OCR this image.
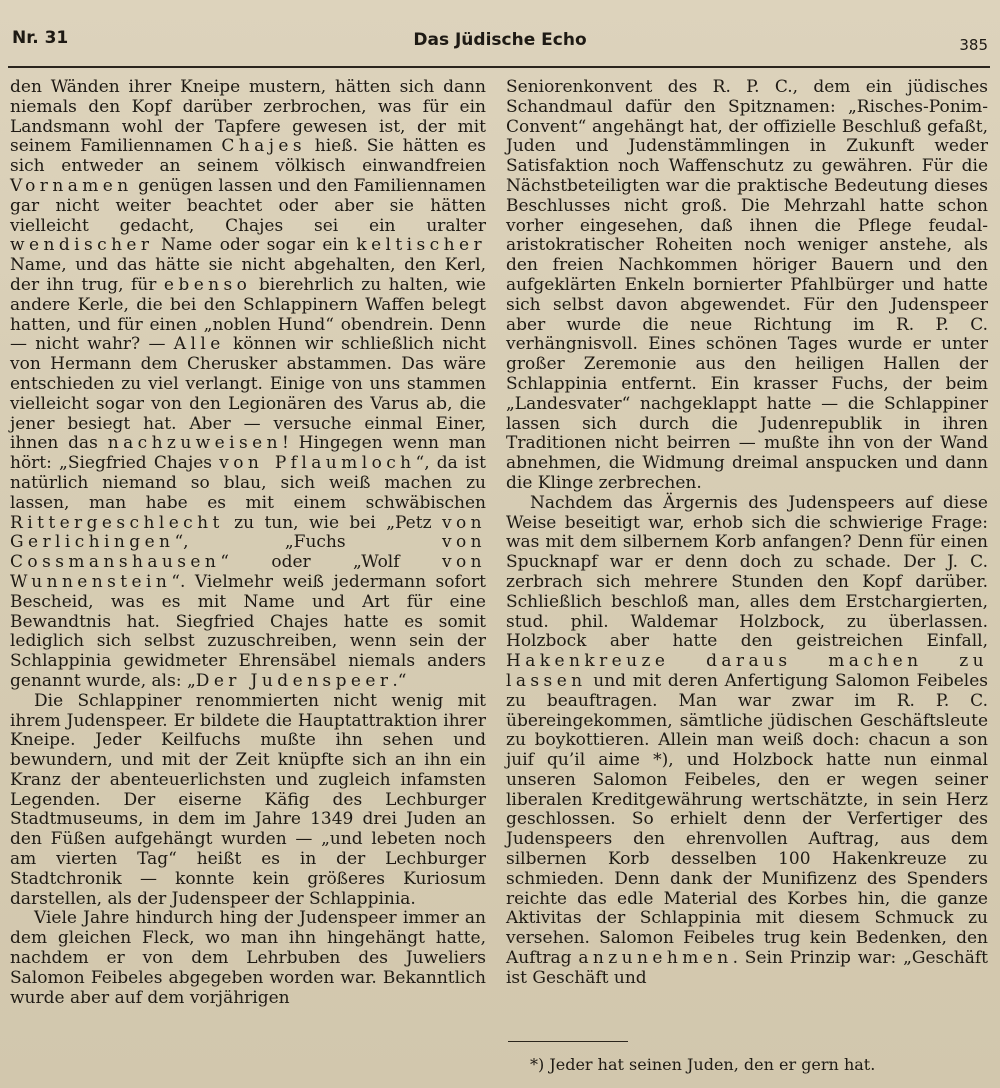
Nr. 31	Das Jüdische Echo	385

den Wänden ihrer Kneipe mustern, hätten sich dann niemals den Kopf darüber zerbrochen, was für ein Landsmann wohl der Tapfere gewesen ist, der mit seinem Familiennamen Chajes hieß. Sie hätten es sich entweder an seinem völkisch einwandfreien Vornamen genügen lassen und den Familiennamen gar nicht weiter beachtet oder aber sie hätten vielleicht gedacht, Chajes sei ein uralter wendischer Name oder sogar ein keltischer Name, und das hätte sie nicht abgehalten, den Kerl, der ihn trug, für ebenso bierehrlich zu halten, wie andere Kerle, die bei den Schlappinern Waffen belegt hatten, und für einen „noblen Hund“ obendrein. Denn — nicht wahr? — Alle können wir schließlich nicht von Hermann dem Cherusker abstammen. Das wäre entschieden zu viel verlangt. Einige von uns stammen vielleicht sogar von den Legionären des Varus ab, die jener besiegt hat. Aber — versuche einmal Einer, ihnen das nachzuweisen! Hingegen wenn man hört: „Siegfried Chajes von Pflaumloch“, da ist natürlich niemand so blau, sich weiß machen zu lassen, man habe es mit einem schwäbischen Rittergeschlecht zu tun, wie bei „Petz von Gerlichingen“, „Fuchs von Cossmanshausen“ oder „Wolf von Wunnenstein“. Vielmehr weiß jedermann sofort Bescheid, was es mit Name und Art für eine Bewandtnis hat. Siegfried Chajes hatte es somit lediglich sich selbst zuzuschreiben, wenn sein der Schlappinia gewidmeter Ehrensäbel niemals anders genannt wurde, als: „Der Judenspeer.“

Die Schlappiner renommierten nicht wenig mit ihrem Judenspeer. Er bildete die Hauptattraktion ihrer Kneipe. Jeder Keilfuchs mußte ihn sehen und bewundern, und mit der Zeit knüpfte sich an ihn ein Kranz der abenteuerlichsten und zugleich infamsten Legenden. Der eiserne Käfig des Lechburger Stadtmuseums, in dem im Jahre 1349 drei Juden an den Füßen aufgehängt wurden — „und lebeten noch am vierten Tag“ heißt es in der Lechburger Stadtchronik — konnte kein größeres Kuriosum darstellen, als der Judenspeer der Schlappinia.

Viele Jahre hindurch hing der Judenspeer immer an dem gleichen Fleck, wo man ihn hingehängt hatte, nachdem er von dem Lehrbuben des Juweliers Salomon Feibeles abgegeben worden war. Bekanntlich wurde aber auf dem vorjährigen

Seniorenkonvent des R. P. C., dem ein jüdisches Schandmaul dafür den Spitznamen: „Risches-Ponim-Convent“ angehängt hat, der offizielle Beschluß gefaßt, Juden und Judenstämmlingen in Zukunft weder Satisfaktion noch Waffenschutz zu gewähren. Für die Nächstbeteiligten war die praktische Bedeutung dieses Beschlusses nicht groß. Die Mehrzahl hatte schon vorher eingesehen, daß ihnen die Pflege feudal-aristokratischer Roheiten noch weniger anstehe, als den freien Nachkommen höriger Bauern und den aufgeklärten Enkeln bornierter Pfahlbürger und hatte sich selbst davon abgewendet. Für den Judenspeer aber wurde die neue Richtung im R. P. C. verhängnisvoll. Eines schönen Tages wurde er unter großer Zeremonie aus den heiligen Hallen der Schlappinia entfernt. Ein krasser Fuchs, der beim „Landesvater“ nachgeklappt hatte — die Schlappiner lassen sich durch die Judenrepublik in ihren Traditionen nicht beirren — mußte ihn von der Wand abnehmen, die Widmung dreimal anspucken und dann die Klinge zerbrechen.

Nachdem das Ärgernis des Judenspeers auf diese Weise beseitigt war, erhob sich die schwierige Frage: was mit dem silbernem Korb anfangen? Denn für einen Spucknapf war er denn doch zu schade. Der J. C. zerbrach sich mehrere Stunden den Kopf darüber. Schließlich beschloß man, alles dem Erstchargierten, stud. phil. Waldemar Holzbock, zu überlassen. Holzbock aber hatte den geistreichen Einfall, Hakenkreuze daraus machen zu lassen und mit deren Anfertigung Salomon Feibeles zu beauftragen. Man war zwar im R. P. C. übereingekommen, sämtliche jüdischen Geschäftsleute zu boykottieren. Allein man weiß doch: chacun a son juif qu’il aime *), und Holzbock hatte nun einmal unseren Salomon Feibeles, den er wegen seiner liberalen Kreditgewährung wertschätzte, in sein Herz geschlossen. So erhielt denn der Verfertiger des Judenspeers den ehrenvollen Auftrag, aus dem silbernen Korb desselben 100 Hakenkreuze zu schmieden. Denn dank der Munifizenz des Spenders reichte das edle Material des Korbes hin, die ganze Aktivitas der Schlappinia mit diesem Schmuck zu versehen. Salomon Feibeles trug kein Bedenken, den Auftrag anzunehmen. Sein Prinzip war: „Geschäft ist Geschäft und

*) Jeder hat seinen Juden, den er gern hat.
